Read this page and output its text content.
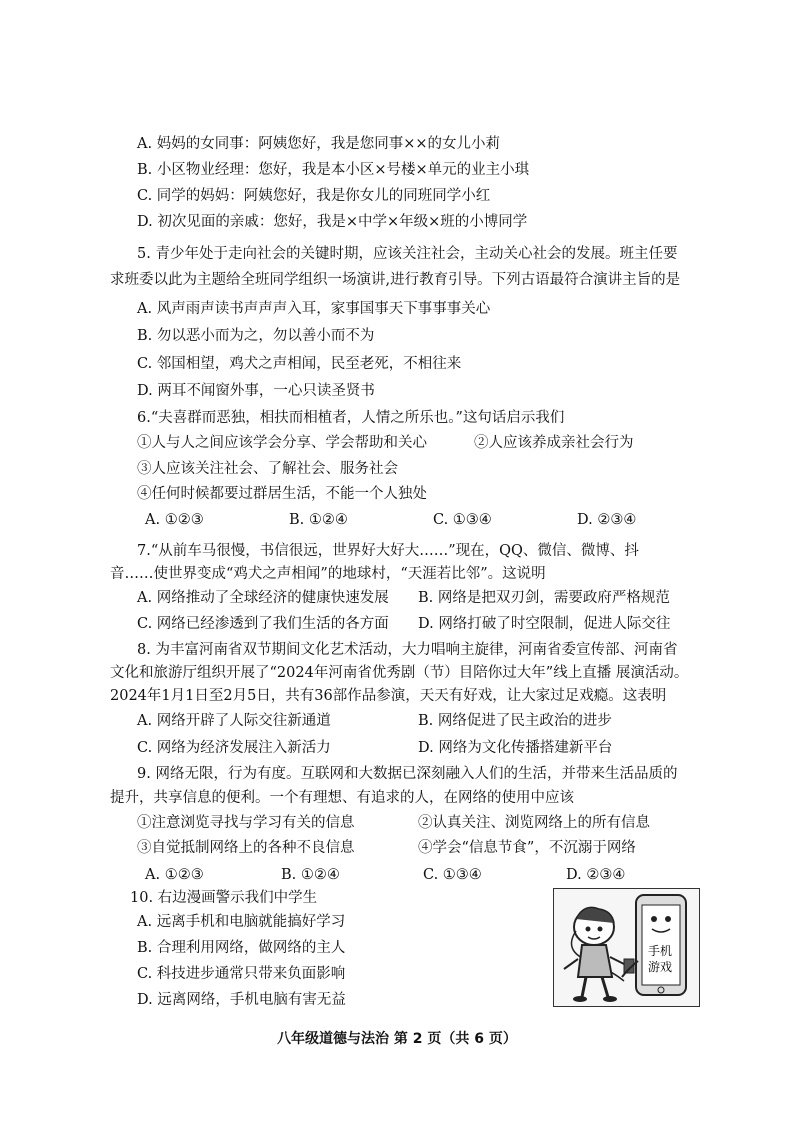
A. 妈妈的女同事：阿姨您好，我是您同事××的女儿小莉
B. 小区物业经理：您好，我是本小区×号楼×单元的业主小琪
C. 同学的妈妈：阿姨您好，我是你女儿的同班同学小红
D. 初次见面的亲戚：您好，我是×中学×年级×班的小博同学
5. 青少年处于走向社会的关键时期，应该关注社会，主动关心社会的发展。班主任要
求班委以此为主题给全班同学组织一场演讲,进行教育引导。下列古语最符合演讲主旨的是
A. 风声雨声读书声声声入耳，家事国事天下事事事关心
B. 勿以恶小而为之，勿以善小而不为
C. 邻国相望，鸡犬之声相闻，民至老死，不相往来
D. 两耳不闻窗外事，一心只读圣贤书
6.“夫喜群而恶独，相扶而相植者，人情之所乐也。”这句话启示我们
①人与人之间应该学会分享、学会帮助和关心	②人应该养成亲社会行为
③人应该关注社会、了解社会、服务社会
④任何时候都要过群居生活，不能一个人独处
A. ①②③	B. ①②④	C. ①③④	D. ②③④
7.“从前车马很慢，书信很远，世界好大好大……”现在，QQ、微信、微博、抖
音……使世界变成“鸡犬之声相闻”的地球村，“天涯若比邻”。这说明
A. 网络推动了全球经济的健康快速发展 B. 网络是把双刃剑，需要政府严格规范
C. 网络已经渗透到了我们生活的各方面 D. 网络打破了时空限制，促进人际交往
8. 为丰富河南省双节期间文化艺术活动，大力唱响主旋律，河南省委宣传部、河南省
文化和旅游厅组织开展了“2024年河南省优秀剧（节）目陪你过大年”线上直播 展演活动。
2024年1月1日至2月5日，共有36部作品参演，天天有好戏，让大家过足戏瘾。这表明
A. 网络开辟了人际交往新通道	B. 网络促进了民主政治的进步
C. 网络为经济发展注入新活力	D. 网络为文化传播搭建新平台
9. 网络无限，行为有度。互联网和大数据已深刻融入人们的生活，并带来生活品质的
提升，共享信息的便利。一个有理想、有追求的人，在网络的使用中应该
①注意浏览寻找与学习有关的信息	②认真关注、浏览网络上的所有信息
③自觉抵制网络上的各种不良信息	④学会“信息节食”，不沉溺于网络
A. ①②③	B. ①②④	C. ①③④	D. ②③④
10. 右边漫画警示我们中学生
A. 远离手机和电脑就能搞好学习
B. 合理利用网络，做网络的主人
C. 科技进步通常只带来负面影响
D. 远离网络，手机电脑有害无益
手机
游戏
八年级道德与法治 第 2 页（共 6 页）
